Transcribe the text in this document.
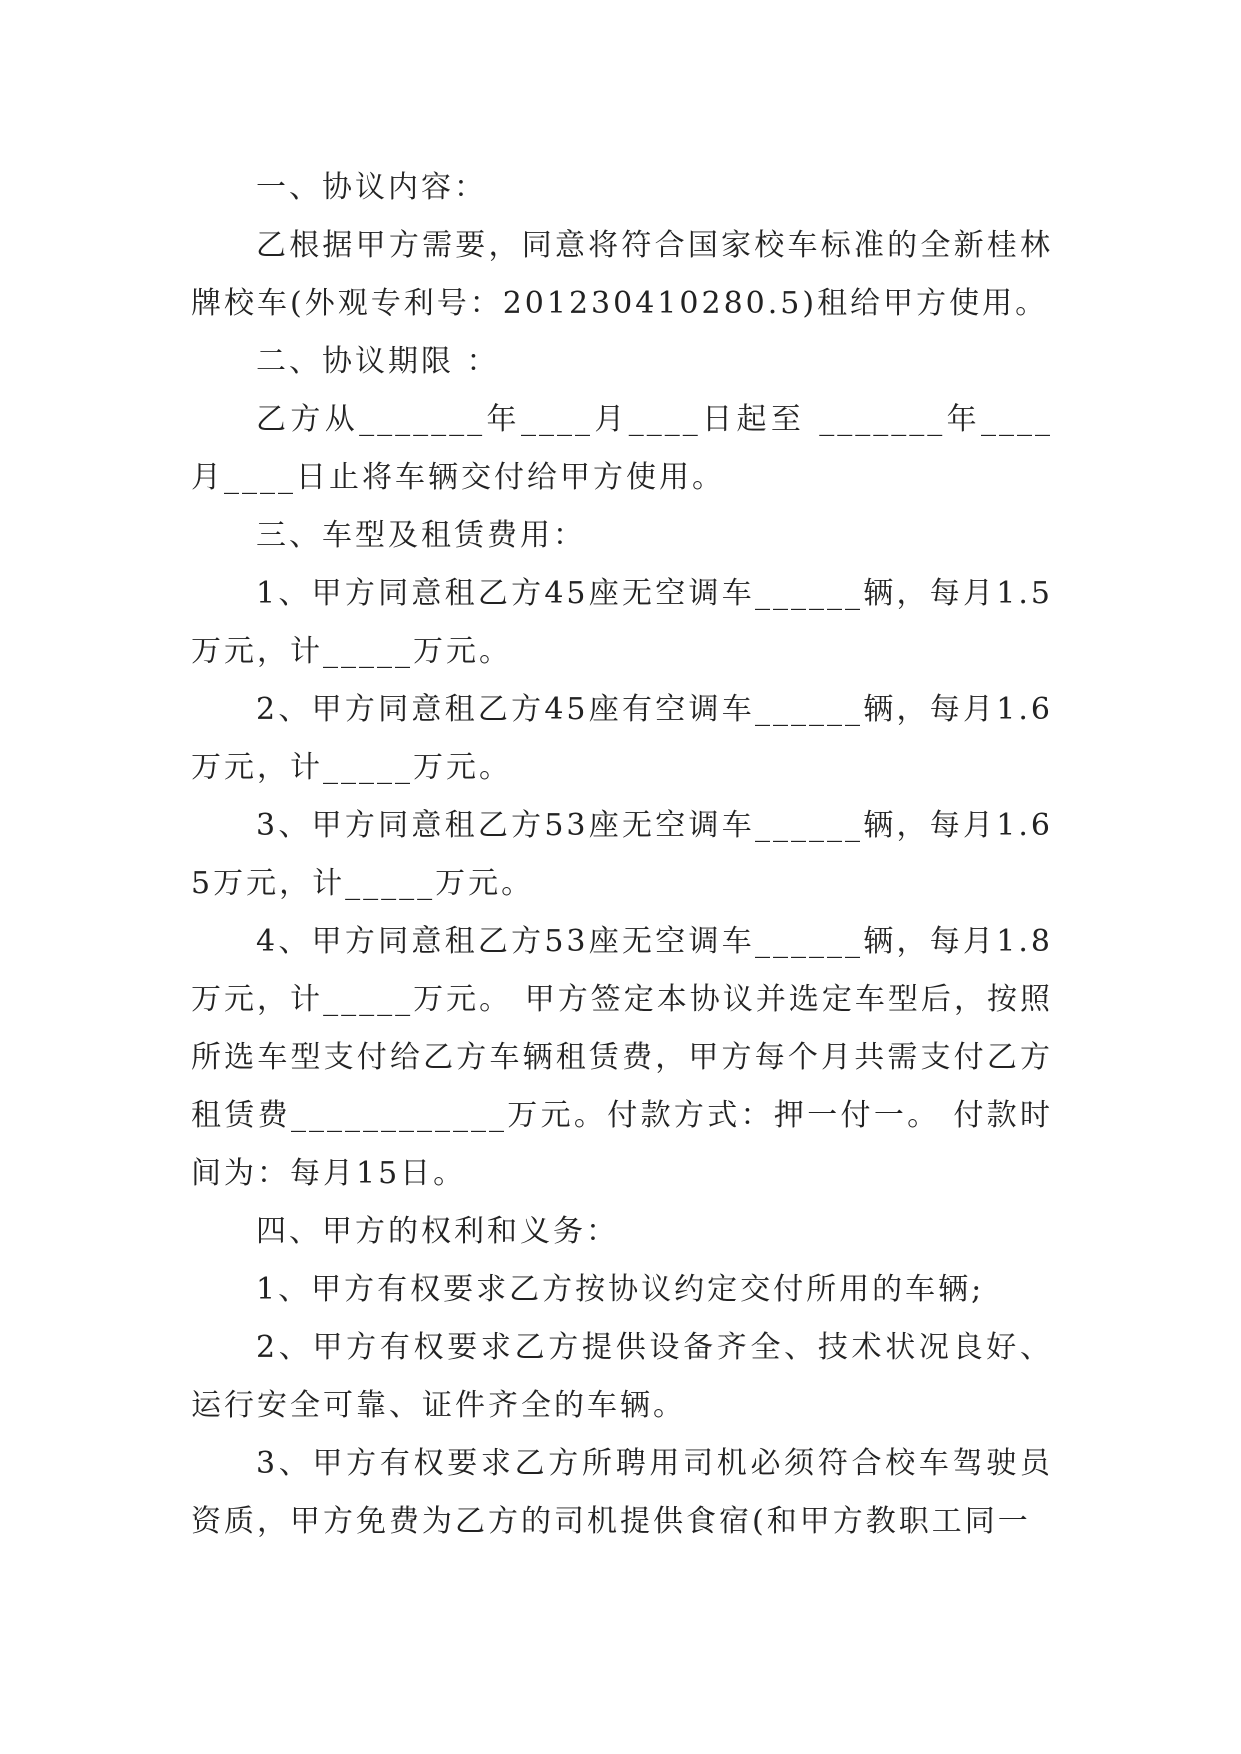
一、协议内容：

乙根据甲方需要，同意将符合国家校车标准的全新桂林牌校车(外观专利号：201230410280.5)租给甲方使用。

二、协议期限 ：

乙方从_______年____月____日起至 _______年____月____日止将车辆交付给甲方使用。

三、车型及租赁费用：

1、甲方同意租乙方45座无空调车______辆，每月1.5万元，计_____万元。

2、甲方同意租乙方45座有空调车______辆，每月1.6万元，计_____万元。

3、甲方同意租乙方53座无空调车______辆，每月1.65万元，计_____万元。

4、甲方同意租乙方53座无空调车______辆，每月1.8万元，计_____万元。 甲方签定本协议并选定车型后，按照所选车型支付给乙方车辆租赁费，甲方每个月共需支付乙方租赁费____________万元。付款方式：押一付一。 付款时间为：每月15日。

四、甲方的权利和义务：

1、甲方有权要求乙方按协议约定交付所用的车辆;

2、甲方有权要求乙方提供设备齐全、技术状况良好、运行安全可靠、证件齐全的车辆。

3、甲方有权要求乙方所聘用司机必须符合校车驾驶员资质，甲方免费为乙方的司机提供食宿(和甲方教职工同一
